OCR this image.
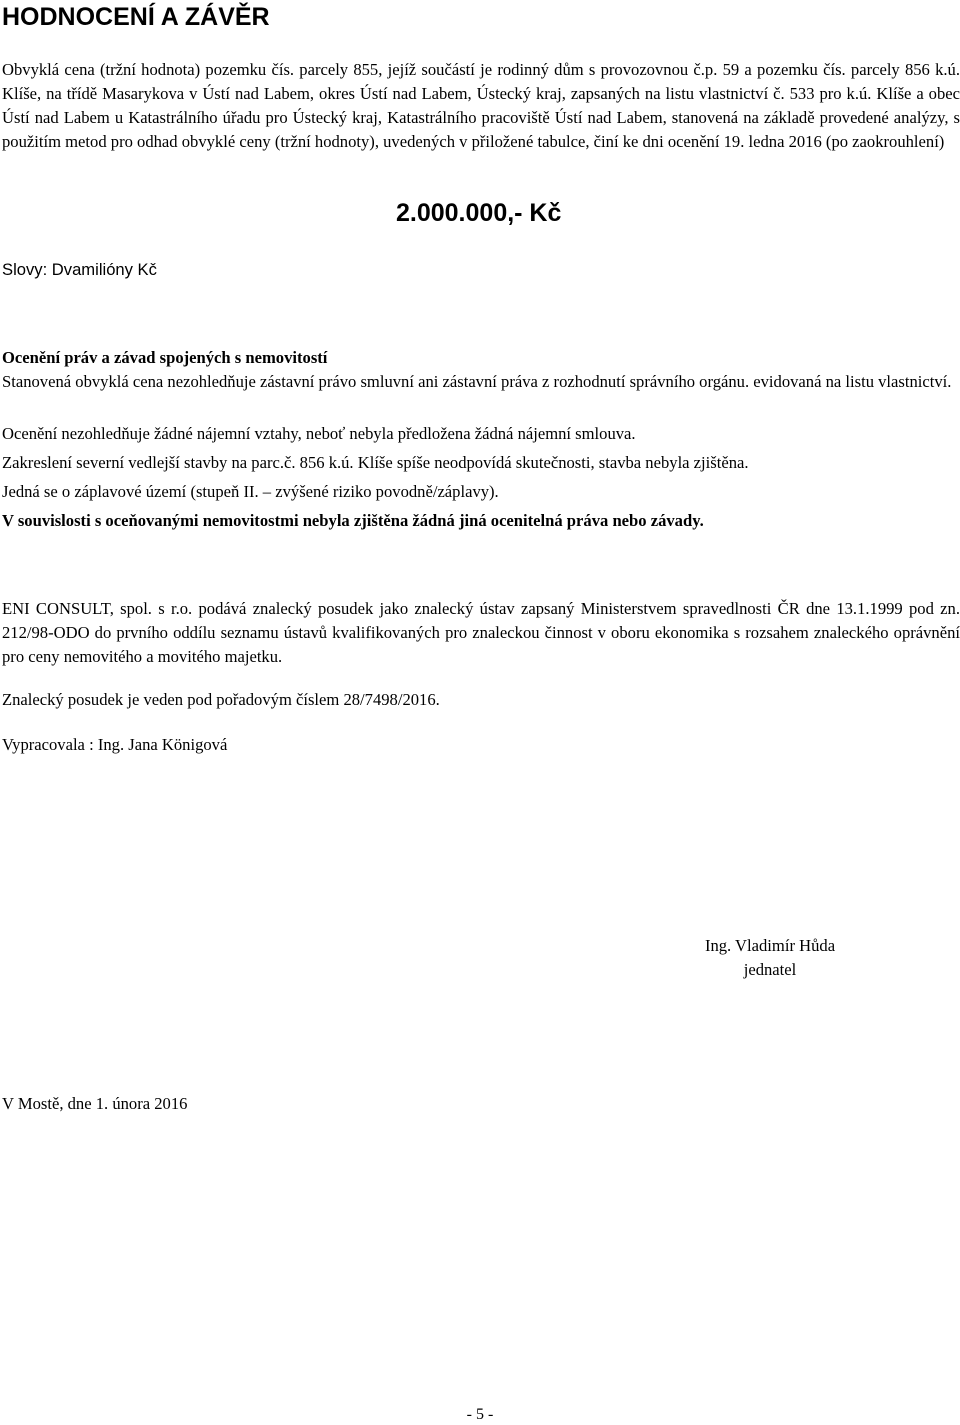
HODNOCENÍ A ZÁVĚR
Obvyklá cena (tržní hodnota) pozemku čís. parcely 855, jejíž součástí je rodinný dům s provozovnou č.p. 59 a pozemku čís. parcely 856 k.ú. Klíše, na třídě Masarykova v Ústí nad Labem, okres Ústí nad Labem, Ústecký kraj, zapsaných na listu vlastnictví č. 533 pro k.ú. Klíše a obec Ústí nad Labem u Katastrálního úřadu pro Ústecký kraj, Katastrálního pracoviště Ústí nad Labem, stanovená na základě provedené analýzy, s použitím metod pro odhad obvyklé ceny (tržní hodnoty), uvedených v přiložené tabulce, činí ke dni ocenění 19. ledna 2016 (po zaokrouhlení)
2.000.000,- Kč
Slovy: Dvamilióny Kč
Ocenění práv a závad spojených s nemovitostí
Stanovená obvyklá cena nezohledňuje zástavní právo smluvní ani zástavní práva z rozhodnutí správního orgánu. evidovaná na listu vlastnictví.
Ocenění nezohledňuje žádné nájemní vztahy, neboť nebyla předložena žádná nájemní smlouva.
Zakreslení severní vedlejší stavby na parc.č. 856 k.ú. Klíše spíše neodpovídá skutečnosti, stavba nebyla zjištěna.
Jedná se o záplavové území (stupeň II. – zvýšené riziko povodně/záplavy).
V souvislosti s oceňovanými nemovitostmi nebyla zjištěna žádná jiná ocenitelná práva nebo závady.
ENI CONSULT, spol. s r.o. podává znalecký posudek jako znalecký ústav zapsaný Ministerstvem spravedlnosti ČR dne 13.1.1999 pod zn. 212/98-ODO do prvního oddílu seznamu ústavů kvalifikovaných pro znaleckou činnost v oboru ekonomika s rozsahem znaleckého oprávnění pro ceny nemovitého a movitého majetku.
Znalecký posudek je veden pod pořadovým číslem 28/7498/2016.
Vypracovala : Ing. Jana Königová
Ing. Vladimír Hůda
jednatel
V Mostě, dne 1. února 2016
- 5 -
